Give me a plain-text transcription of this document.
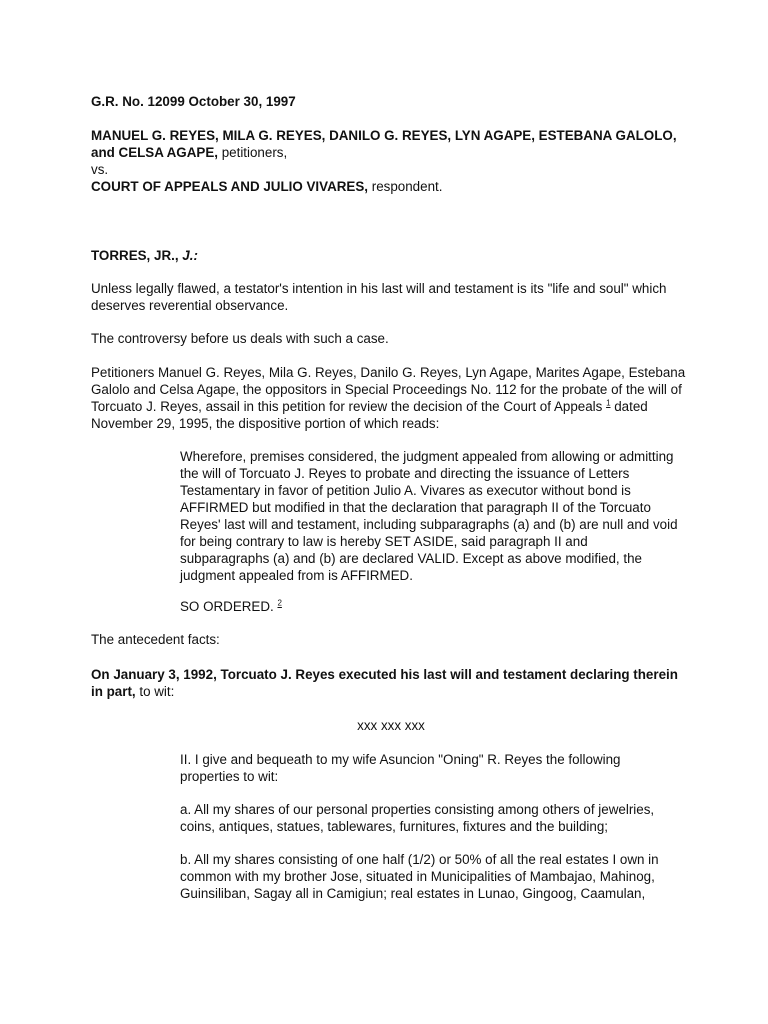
G.R. No. 12099 October 30, 1997

MANUEL G. REYES, MILA G. REYES, DANILO G. REYES, LYN AGAPE, ESTEBANA GALOLO, and CELSA AGAPE, petitioners,
vs.
COURT OF APPEALS AND JULIO VIVARES, respondent.

TORRES, JR., J.:

Unless legally flawed, a testator's intention in his last will and testament is its "life and soul" which deserves reverential observance.

The controversy before us deals with such a case.

Petitioners Manuel G. Reyes, Mila G. Reyes, Danilo G. Reyes, Lyn Agape, Marites Agape, Estebana Galolo and Celsa Agape, the oppositors in Special Proceedings No. 112 for the probate of the will of Torcuato J. Reyes, assail in this petition for review the decision of the Court of Appeals $^1$ dated November 29, 1995, the dispositive portion of which reads:

Wherefore, premises considered, the judgment appealed from allowing or admitting the will of Torcuato J. Reyes to probate and directing the issuance of Letters Testamentary in favor of petition Julio A. Vivares as executor without bond is AFFIRMED but modified in that the declaration that paragraph II of the Torcuato Reyes' last will and testament, including subparagraphs (a) and (b) are null and void for being contrary to law is hereby SET ASIDE, said paragraph II and subparagraphs (a) and (b) are declared VALID. Except as above modified, the judgment appealed from is AFFIRMED.

SO ORDERED. $^2$

The antecedent facts:

On January 3, 1992, Torcuato J. Reyes executed his last will and testament declaring therein in part, to wit:

xxx xxx xxx

II. I give and bequeath to my wife Asuncion "Oning" R. Reyes the following properties to wit:

a. All my shares of our personal properties consisting among others of jewelries, coins, antiques, statues, tablewares, furnitures, fixtures and the building;

b. All my shares consisting of one half (1/2) or 50% of all the real estates I own in common with my brother Jose, situated in Municipalities of Mambajao, Mahinog, Guinsiliban, Sagay all in Camigiun; real estates in Lunao, Gingoog, Caamulan,
